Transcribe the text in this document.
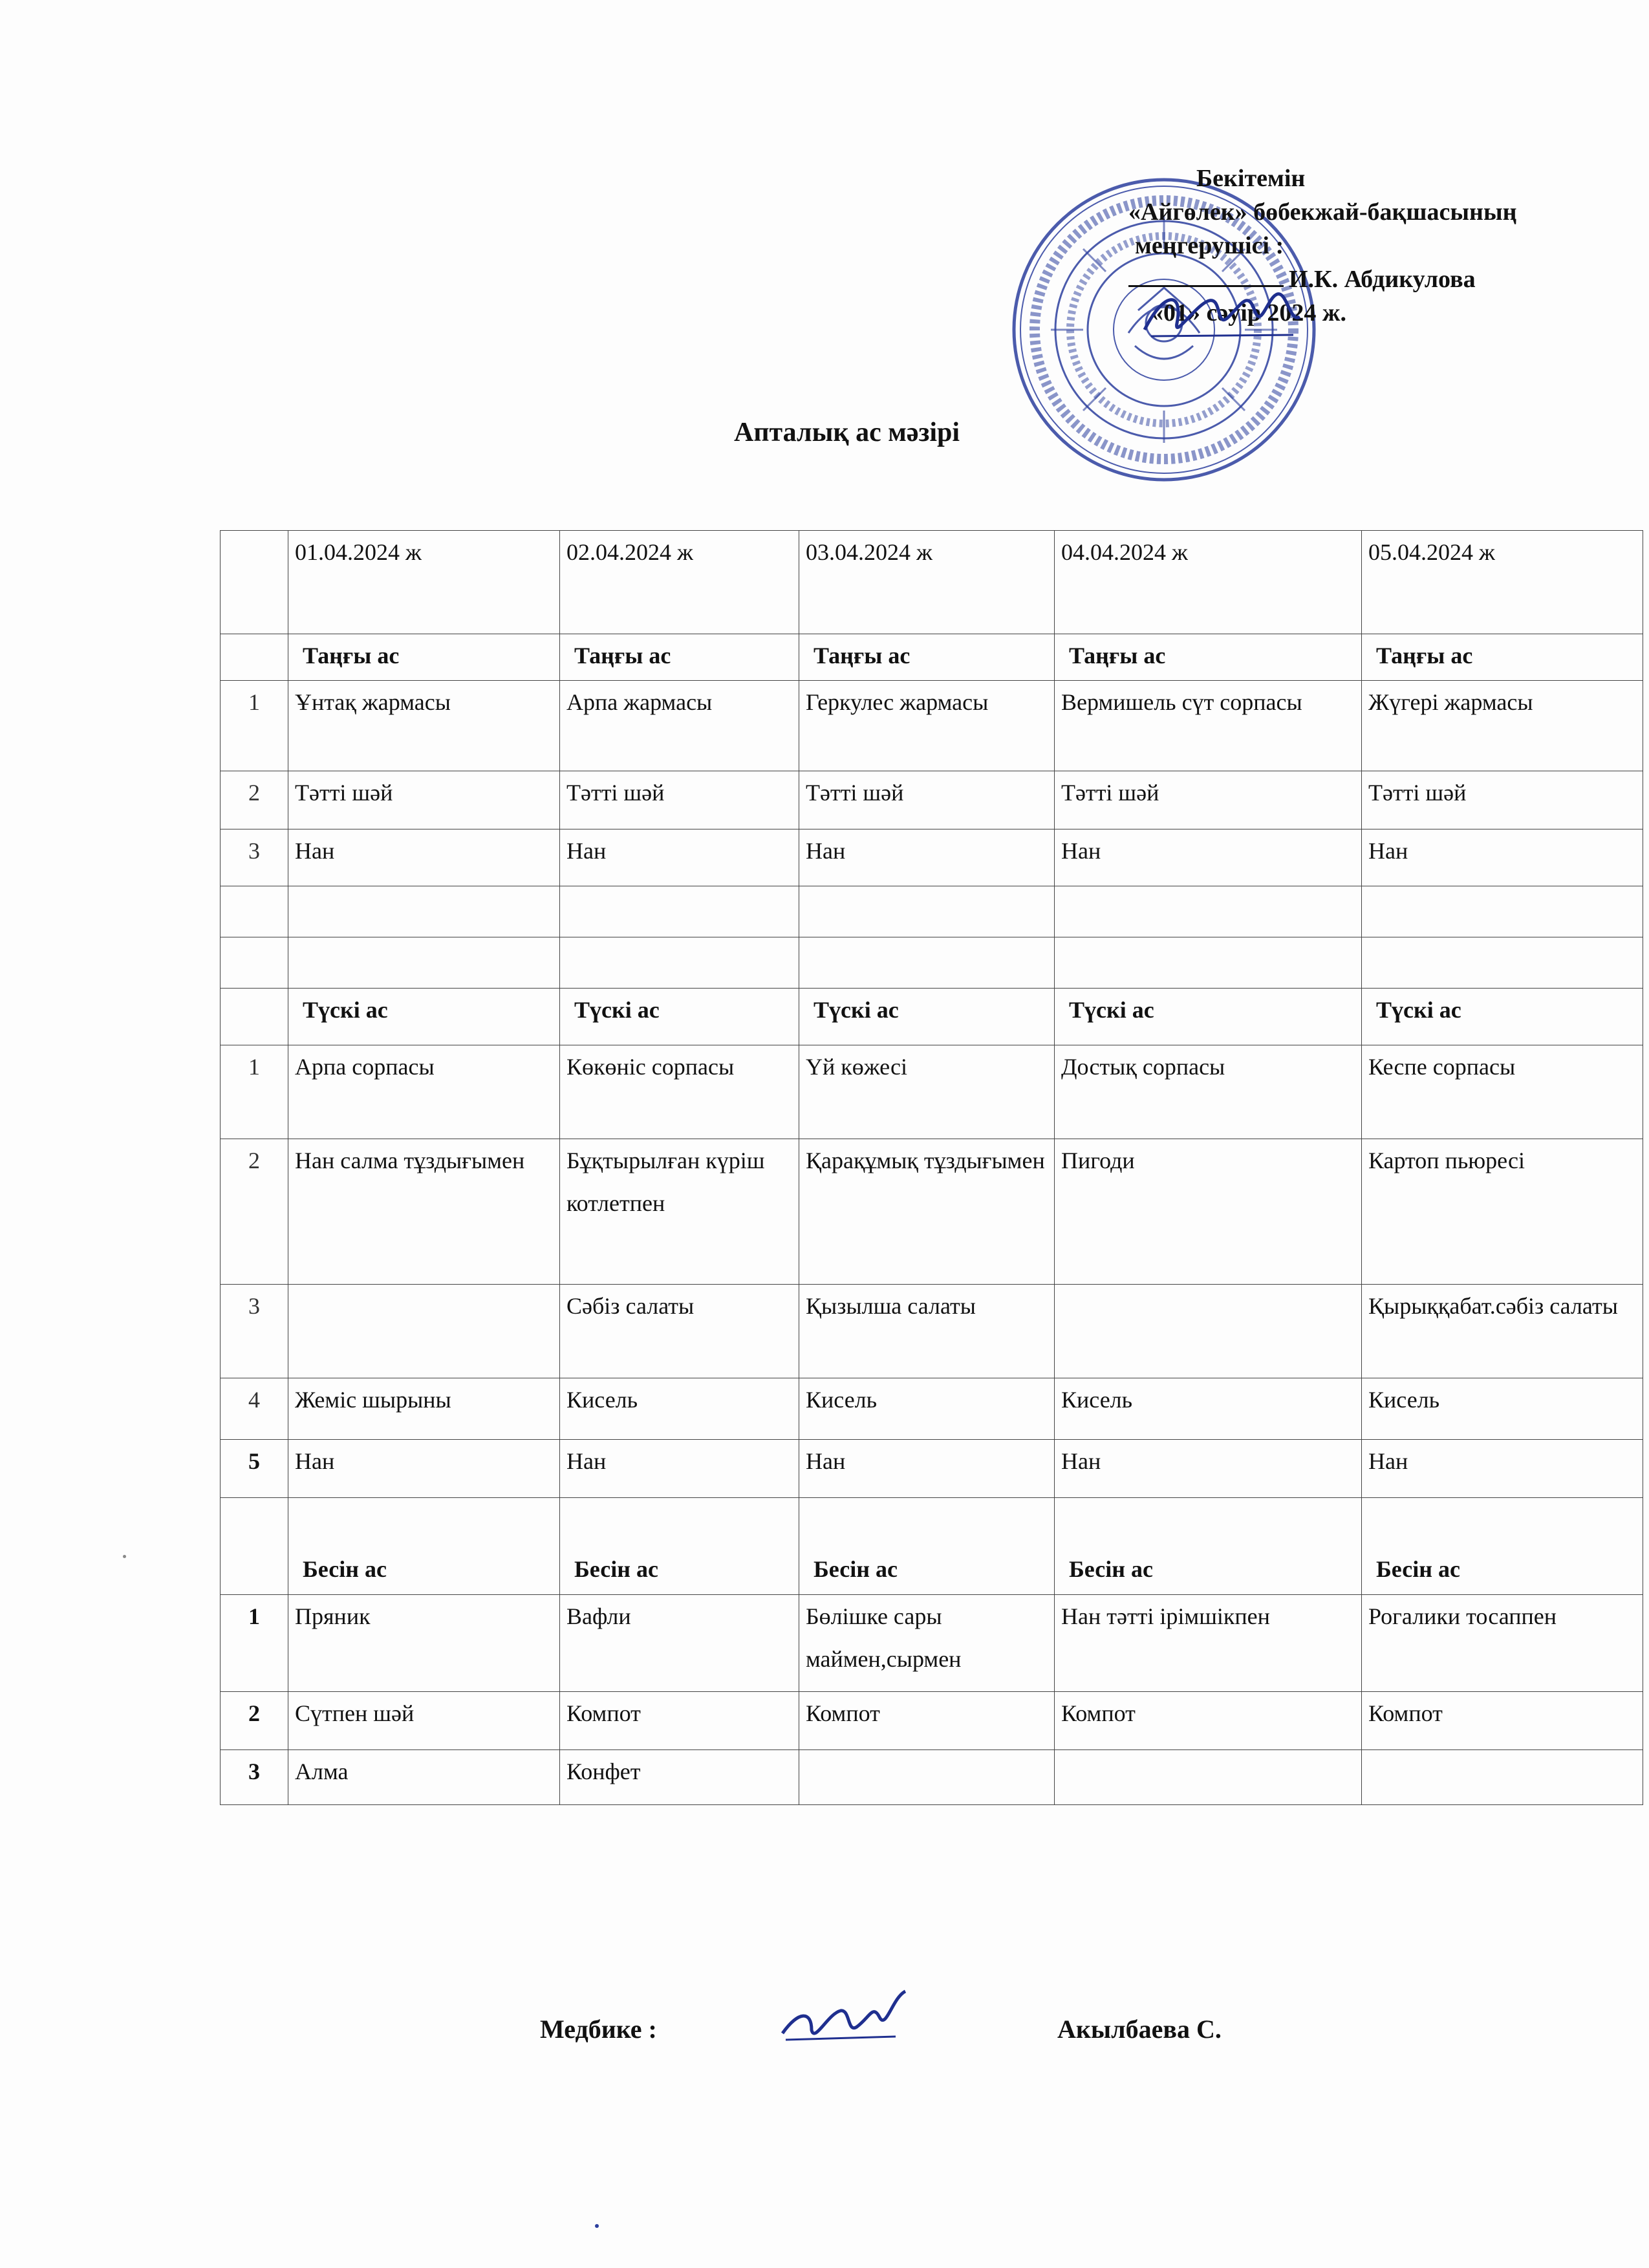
Бекітемін
«Айгөлек» бөбекжай-бақшасының
меңгерушісі :
И.К. Абдикулова
«01» сәуір 2024 ж.
Апталық ас мәзірі
	01.04.2024 ж	02.04.2024 ж	03.04.2024 ж	04.04.2024 ж	05.04.2024 ж
	Таңғы ас	Таңғы ас	Таңғы ас	Таңғы ас	Таңғы ас
1	Ұнтақ жармасы	Арпа жармасы	Геркулес жармасы	Вермишель сүт сорпасы	Жүгері жармасы
2	Тәтті шәй	Тәтті шәй	Тәтті шәй	Тәтті шәй	Тәтті шәй
3	Нан	Нан	Нан	Нан	Нан

	Түскі ас	Түскі ас	Түскі ас	Түскі ас	Түскі ас
1	Арпа сорпасы	Көкөніс сорпасы	Үй көжесі	Достық сорпасы	Кеспе сорпасы
2	Нан салма тұздығымен	Бұқтырылған күріш котлетпен	Қарақұмық тұздығымен	Пигоди	Картоп пьюресі
3		Сәбіз салаты	Қызылша салаты		Қырыққабат.сәбіз салаты
4	Жеміс шырыны	Кисель	Кисель	Кисель	Кисель
5	Нан	Нан	Нан	Нан	Нан
	Бесін ас	Бесін ас	Бесін ас	Бесін ас	Бесін ас
1	Пряник	Вафли	Бөлішке сары маймен,сырмен	Нан тәтті ірімшікпен	Рогалики тосаппен
2	Сүтпен шәй	Компот	Компот	Компот	Компот
3	Алма	Конфет			
Медбике :	Акылбаева С.
